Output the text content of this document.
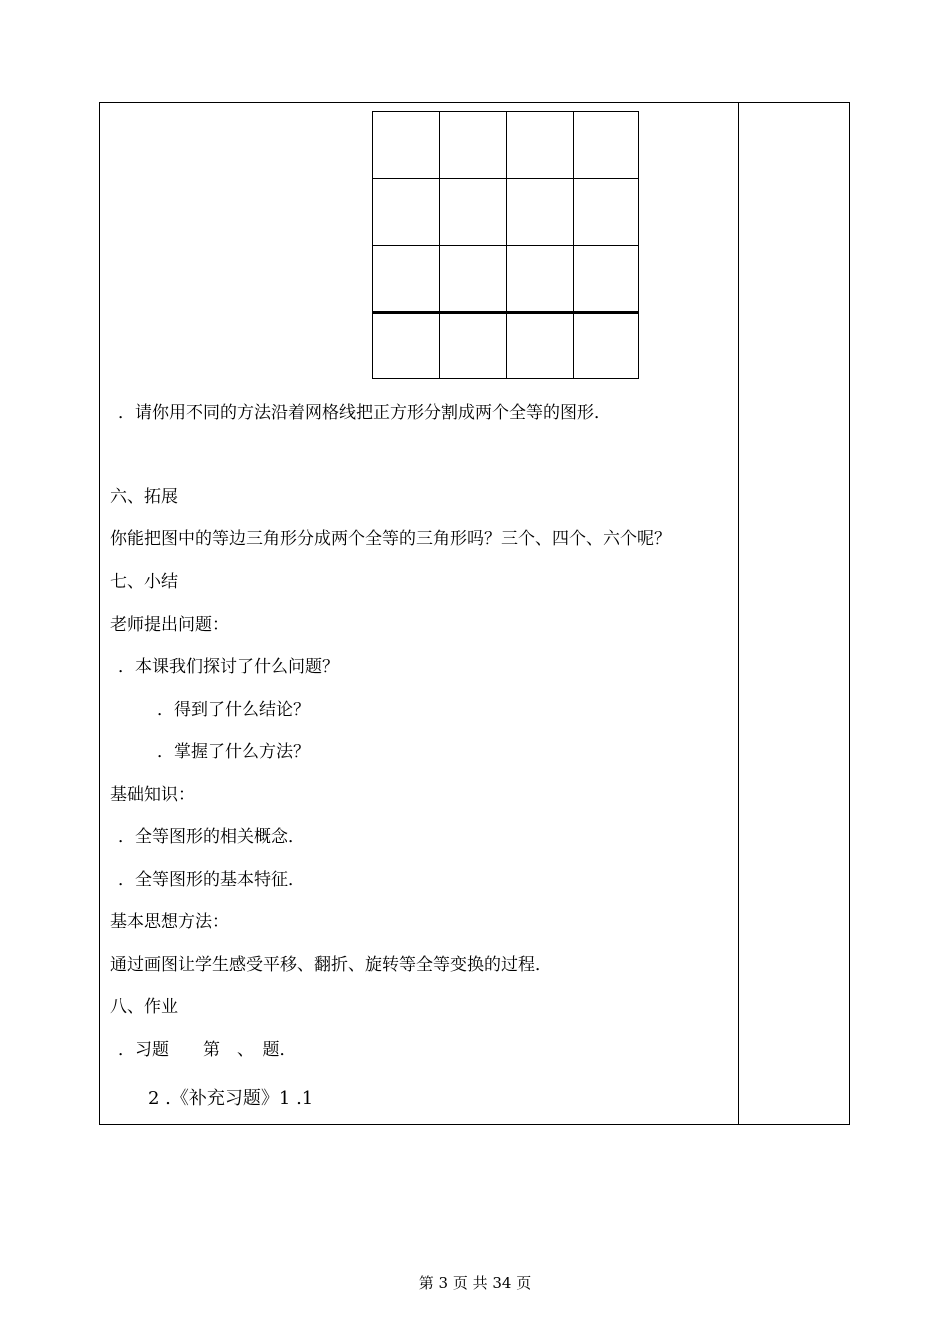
．请你用不同的方法沿着网格线把正方形分割成两个全等的图形．
六、拓展
你能把图中的等边三角形分成两个全等的三角形吗？三个、四个、六个呢？
七、小结
老师提出问题：
．本课我们探讨了什么问题？
．得到了什么结论？
．掌握了什么方法？
基础知识：
．全等图形的相关概念．
．全等图形的基本特征．
基本思想方法：
通过画图让学生感受平移、翻折、旋转等全等变换的过程．
八、作业
．习题　　第　、　题．
2 .《补充习题》1 .1
第 3 页 共 34 页
